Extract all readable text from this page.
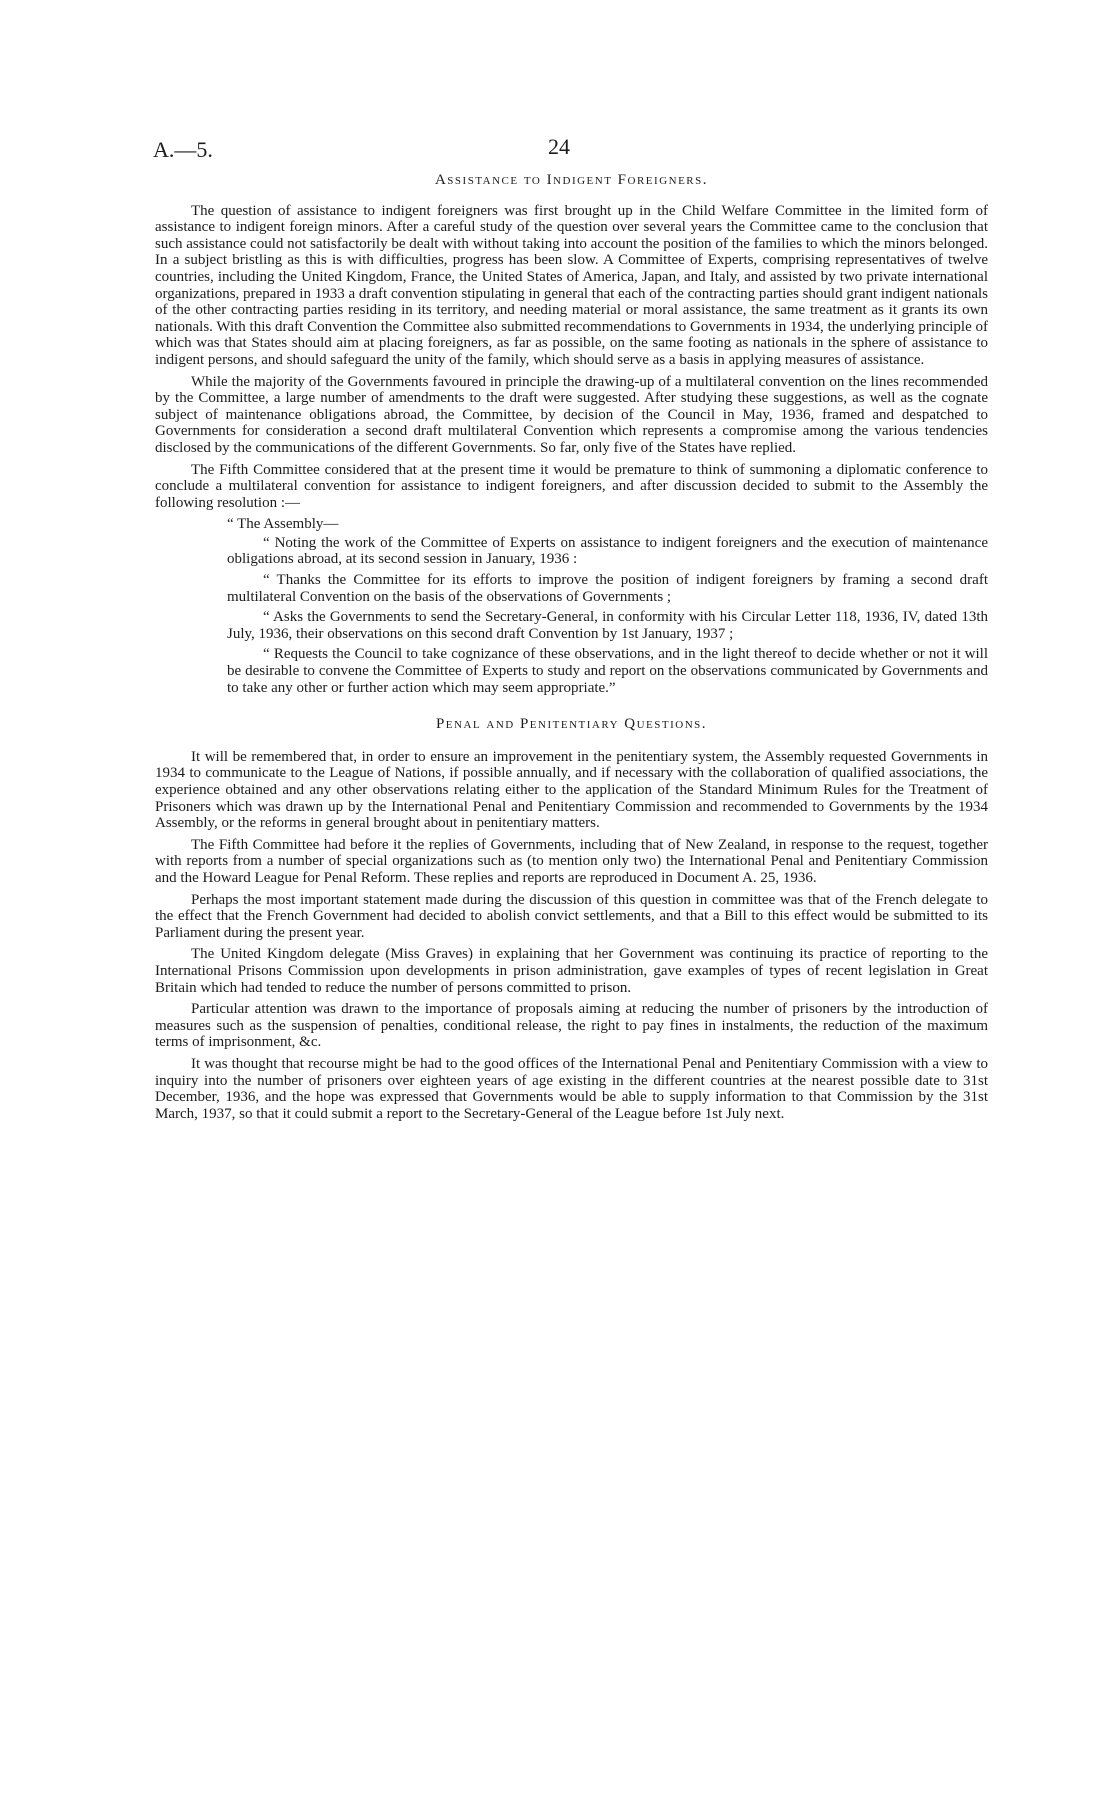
A.—5.	24
Assistance to Indigent Foreigners.

The question of assistance to indigent foreigners was first brought up in the Child Welfare Committee in the limited form of assistance to indigent foreign minors. After a careful study of the question over several years the Committee came to the conclusion that such assistance could not satisfactorily be dealt with without taking into account the position of the families to which the minors belonged. In a subject bristling as this is with difficulties, progress has been slow. A Committee of Experts, comprising representatives of twelve countries, including the United Kingdom, France, the United States of America, Japan, and Italy, and assisted by two private international organizations, prepared in 1933 a draft convention stipulating in general that each of the contracting parties should grant indigent nationals of the other contracting parties residing in its territory, and needing material or moral assistance, the same treatment as it grants its own nationals. With this draft Convention the Committee also submitted recommendations to Governments in 1934, the underlying principle of which was that States should aim at placing foreigners, as far as possible, on the same footing as nationals in the sphere of assistance to indigent persons, and should safeguard the unity of the family, which should serve as a basis in applying measures of assistance.

While the majority of the Governments favoured in principle the drawing-up of a multilateral convention on the lines recommended by the Committee, a large number of amendments to the draft were suggested. After studying these suggestions, as well as the cognate subject of maintenance obligations abroad, the Committee, by decision of the Council in May, 1936, framed and despatched to Governments for consideration a second draft multilateral Convention which represents a compromise among the various tendencies disclosed by the communications of the different Governments. So far, only five of the States have replied.

The Fifth Committee considered that at the present time it would be premature to think of summoning a diplomatic conference to conclude a multilateral convention for assistance to indigent foreigners, and after discussion decided to submit to the Assembly the following resolution :—

“ The Assembly—

“ Noting the work of the Committee of Experts on assistance to indigent foreigners and the execution of maintenance obligations abroad, at its second session in January, 1936 :

“ Thanks the Committee for its efforts to improve the position of indigent foreigners by framing a second draft multilateral Convention on the basis of the observations of Governments ;

“ Asks the Governments to send the Secretary-General, in conformity with his Circular Letter 118, 1936, IV, dated 13th July, 1936, their observations on this second draft Convention by 1st January, 1937 ;

“ Requests the Council to take cognizance of these observations, and in the light thereof to decide whether or not it will be desirable to convene the Committee of Experts to study and report on the observations communicated by Governments and to take any other or further action which may seem appropriate.”

Penal and Penitentiary Questions.

It will be remembered that, in order to ensure an improvement in the penitentiary system, the Assembly requested Governments in 1934 to communicate to the League of Nations, if possible annually, and if necessary with the collaboration of qualified associations, the experience obtained and any other observations relating either to the application of the Standard Minimum Rules for the Treatment of Prisoners which was drawn up by the International Penal and Penitentiary Commission and recommended to Governments by the 1934 Assembly, or the reforms in general brought about in penitentiary matters.

The Fifth Committee had before it the replies of Governments, including that of New Zealand, in response to the request, together with reports from a number of special organizations such as (to mention only two) the International Penal and Penitentiary Commission and the Howard League for Penal Reform. These replies and reports are reproduced in Document A. 25, 1936.

Perhaps the most important statement made during the discussion of this question in committee was that of the French delegate to the effect that the French Government had decided to abolish convict settlements, and that a Bill to this effect would be submitted to its Parliament during the present year.

The United Kingdom delegate (Miss Graves) in explaining that her Government was continuing its practice of reporting to the International Prisons Commission upon developments in prison administration, gave examples of types of recent legislation in Great Britain which had tended to reduce the number of persons committed to prison.

Particular attention was drawn to the importance of proposals aiming at reducing the number of prisoners by the introduction of measures such as the suspension of penalties, conditional release, the right to pay fines in instalments, the reduction of the maximum terms of imprisonment, &c.

It was thought that recourse might be had to the good offices of the International Penal and Penitentiary Commission with a view to inquiry into the number of prisoners over eighteen years of age existing in the different countries at the nearest possible date to 31st December, 1936, and the hope was expressed that Governments would be able to supply information to that Commission by the 31st March, 1937, so that it could submit a report to the Secretary-General of the League before 1st July next.
